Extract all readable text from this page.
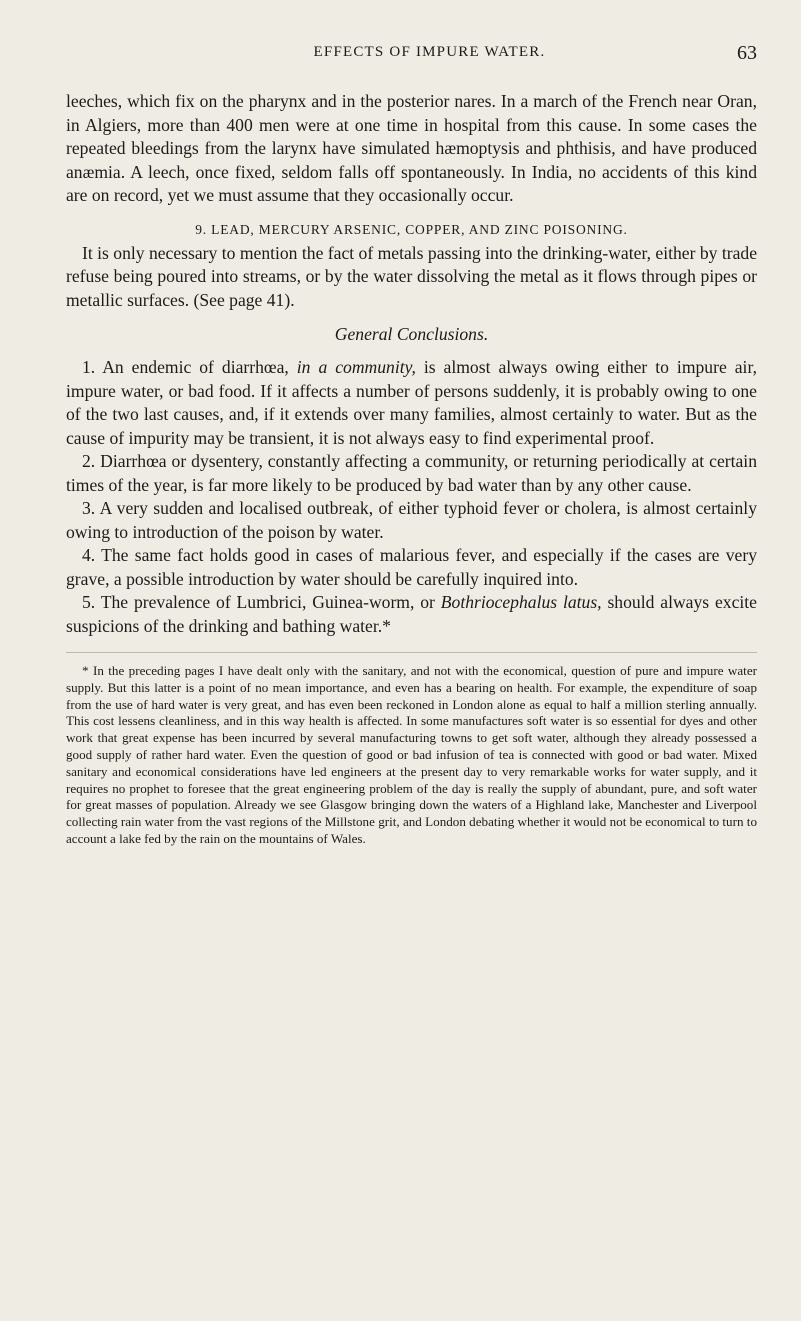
EFFECTS OF IMPURE WATER.	63

leeches, which fix on the pharynx and in the posterior nares. In a march of the French near Oran, in Algiers, more than 400 men were at one time in hospital from this cause. In some cases the repeated bleedings from the larynx have simulated hæmoptysis and phthisis, and have produced anæmia. A leech, once fixed, seldom falls off spontaneously. In India, no accidents of this kind are on record, yet we must assume that they occasionally occur.

9. LEAD, MERCURY ARSENIC, COPPER, AND ZINC POISONING.

It is only necessary to mention the fact of metals passing into the drinking-water, either by trade refuse being poured into streams, or by the water dissolving the metal as it flows through pipes or metallic surfaces. (See page 41).

General Conclusions.

1. An endemic of diarrhœa, in a community, is almost always owing either to impure air, impure water, or bad food. If it affects a number of persons suddenly, it is probably owing to one of the two last causes, and, if it extends over many families, almost certainly to water. But as the cause of impurity may be transient, it is not always easy to find experimental proof.

2. Diarrhœa or dysentery, constantly affecting a community, or returning periodically at certain times of the year, is far more likely to be produced by bad water than by any other cause.

3. A very sudden and localised outbreak, of either typhoid fever or cholera, is almost certainly owing to introduction of the poison by water.

4. The same fact holds good in cases of malarious fever, and especially if the cases are very grave, a possible introduction by water should be carefully inquired into.

5. The prevalence of Lumbrici, Guinea-worm, or Bothriocephalus latus, should always excite suspicions of the drinking and bathing water.*

* In the preceding pages I have dealt only with the sanitary, and not with the economical, question of pure and impure water supply. But this latter is a point of no mean importance, and even has a bearing on health. For example, the expenditure of soap from the use of hard water is very great, and has even been reckoned in London alone as equal to half a million sterling annually. This cost lessens cleanliness, and in this way health is affected. In some manufactures soft water is so essential for dyes and other work that great expense has been incurred by several manufacturing towns to get soft water, although they already possessed a good supply of rather hard water. Even the question of good or bad infusion of tea is connected with good or bad water. Mixed sanitary and economical considerations have led engineers at the present day to very remarkable works for water supply, and it requires no prophet to foresee that the great engineering problem of the day is really the supply of abundant, pure, and soft water for great masses of population. Already we see Glasgow bringing down the waters of a Highland lake, Manchester and Liverpool collecting rain water from the vast regions of the Millstone grit, and London debating whether it would not be economical to turn to account a lake fed by the rain on the mountains of Wales.
